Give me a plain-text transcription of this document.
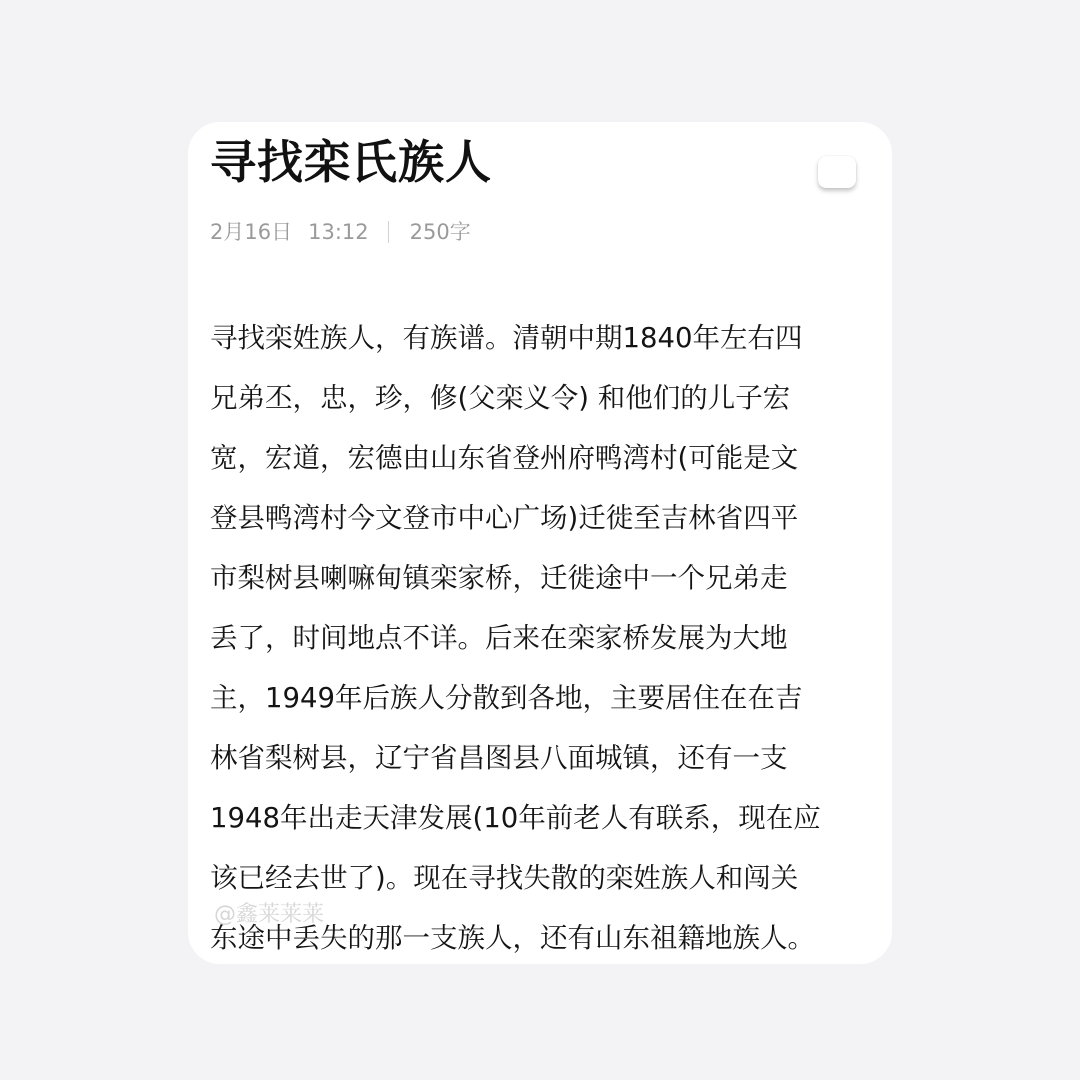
寻找栾氏族人
2月16日 13:12 250字
寻找栾姓族人，有族谱。清朝中期1840年左右四
兄弟丕，忠，珍，修(父栾义令) 和他们的儿子宏
宽，宏道，宏德由山东省登州府鸭湾村(可能是文
登县鸭湾村今文登市中心广场)迁徙至吉林省四平
市梨树县喇嘛甸镇栾家桥，迁徙途中一个兄弟走
丢了，时间地点不详。后来在栾家桥发展为大地
主，1949年后族人分散到各地，主要居住在在吉
林省梨树县，辽宁省昌图县八面城镇，还有一支
1948年出走天津发展(10年前老人有联系，现在应
该已经去世了)。现在寻找失散的栾姓族人和闯关
东途中丢失的那一支族人，还有山东祖籍地族人。
@鑫莱莱莱
